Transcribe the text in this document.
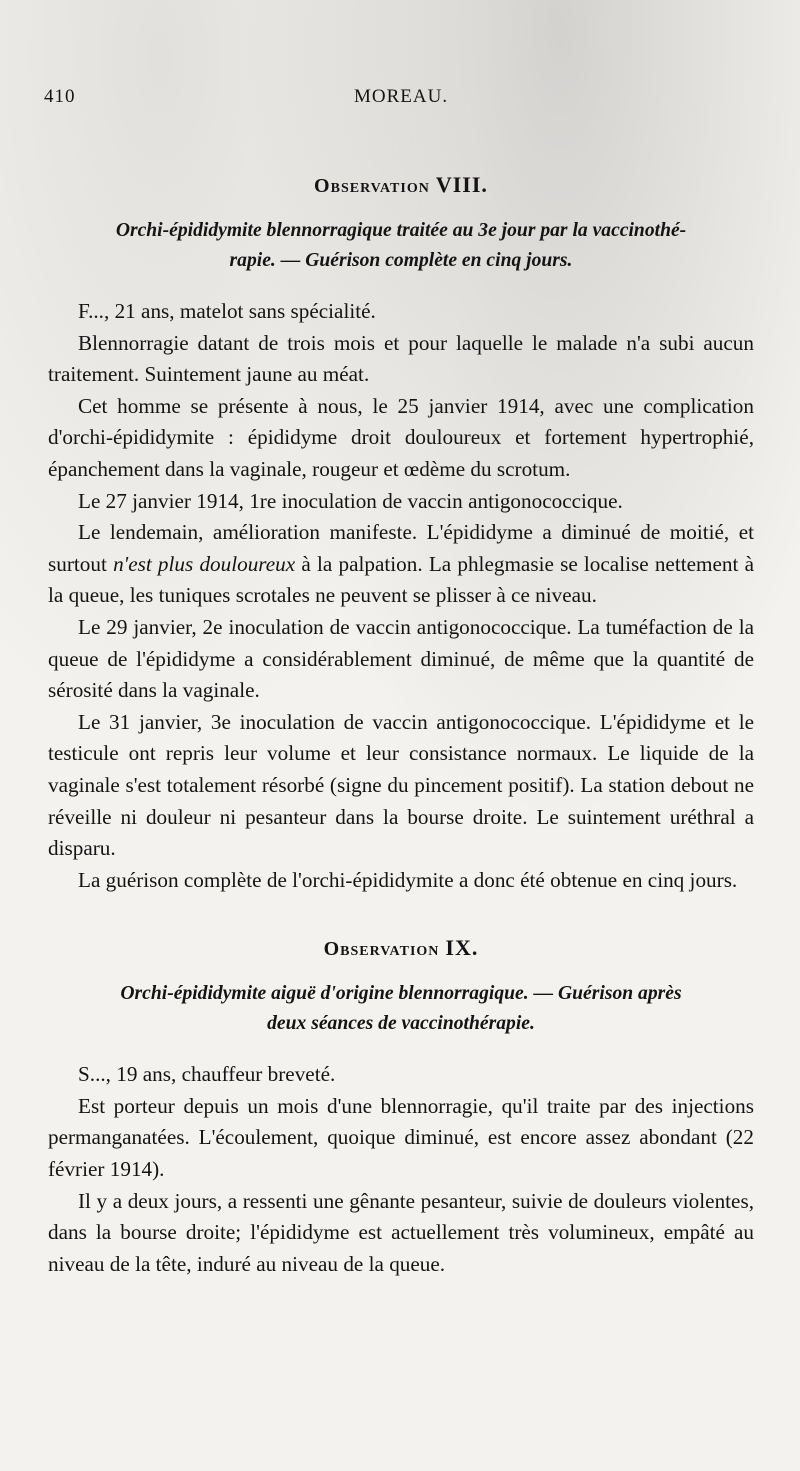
410	MOREAU.
Observation VIII.

Orchi-épididymite blennorragique traitée au 3e jour par la vaccinothé-
rapie. — Guérison complète en cinq jours.

F..., 21 ans, matelot sans spécialité.

Blennorragie datant de trois mois et pour laquelle le malade n'a subi aucun traitement. Suintement jaune au méat.

Cet homme se présente à nous, le 25 janvier 1914, avec une complication d'orchi-épididymite : épididyme droit douloureux et fortement hypertrophié, épanchement dans la vaginale, rougeur et œdème du scrotum.

Le 27 janvier 1914, 1re inoculation de vaccin antigonococcique.

Le lendemain, amélioration manifeste. L'épididyme a diminué de moitié, et surtout n'est plus douloureux à la palpation. La phlegmasie se localise nettement à la queue, les tuniques scrotales ne peuvent se plisser à ce niveau.

Le 29 janvier, 2e inoculation de vaccin antigonococcique. La tuméfaction de la queue de l'épididyme a considérablement diminué, de même que la quantité de sérosité dans la vaginale.

Le 31 janvier, 3e inoculation de vaccin antigonococcique. L'épididyme et le testicule ont repris leur volume et leur consistance normaux. Le liquide de la vaginale s'est totalement résorbé (signe du pincement positif). La station debout ne réveille ni douleur ni pesanteur dans la bourse droite. Le suintement uréthral a disparu.

La guérison complète de l'orchi-épididymite a donc été obtenue en cinq jours.

Observation IX.

Orchi-épididymite aiguë d'origine blennorragique. — Guérison après
deux séances de vaccinothérapie.

S..., 19 ans, chauffeur breveté.

Est porteur depuis un mois d'une blennorragie, qu'il traite par des injections permanganatées. L'écoulement, quoique diminué, est encore assez abondant (22 février 1914).

Il y a deux jours, a ressenti une gênante pesanteur, suivie de douleurs violentes, dans la bourse droite; l'épididyme est actuellement très volumineux, empâté au niveau de la tête, induré au niveau de la queue.
